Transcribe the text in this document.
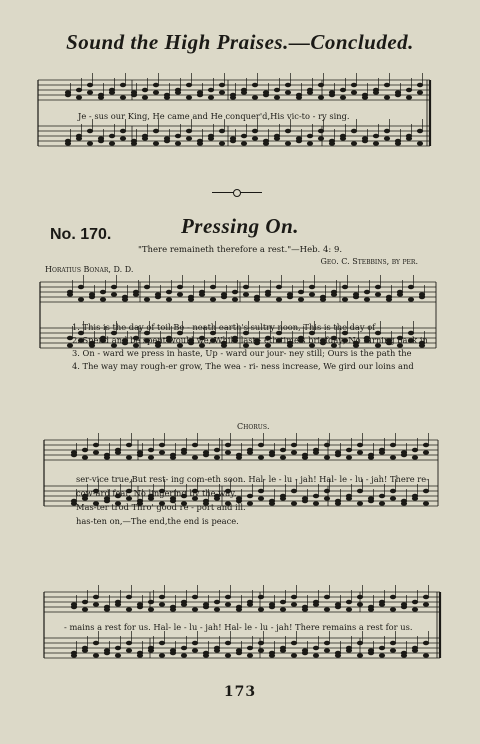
Sound the High Praises.—Concluded.
Je - sus our King, He came and He conquer'd,His vic-to - ry sing.
No. 170.	Pressing On.
"There remaineth therefore a rest."—Heb. 4: 9.
Horatius Bonar, D. D.
Geo. C. Stebbins, by per.
1. This is the day of toil Be - neath earth's sultry noon, This is the day of
2. Spend and be spent would we, While last - eth time's briefday; No turning back in
3. On - ward we press in haste, Up - ward our jour- ney still; Ours is the path the
4. The way may rough-er grow, The wea - ri- ness increase, We gird our loins and
Chorus.
ser-vice true,But rest- ing com-eth soon. Hal- le - lu - jah! Hal- le - lu - jah! There re-
cow-ard fear, No lingering by the way.
Mas-ter trod Thro' good re - port and ill.
has-ten on,—The end,the end is peace.
- mains a rest for us. Hal- le - lu - jah! Hal- le - lu - jah! There remains a rest for us.
173
